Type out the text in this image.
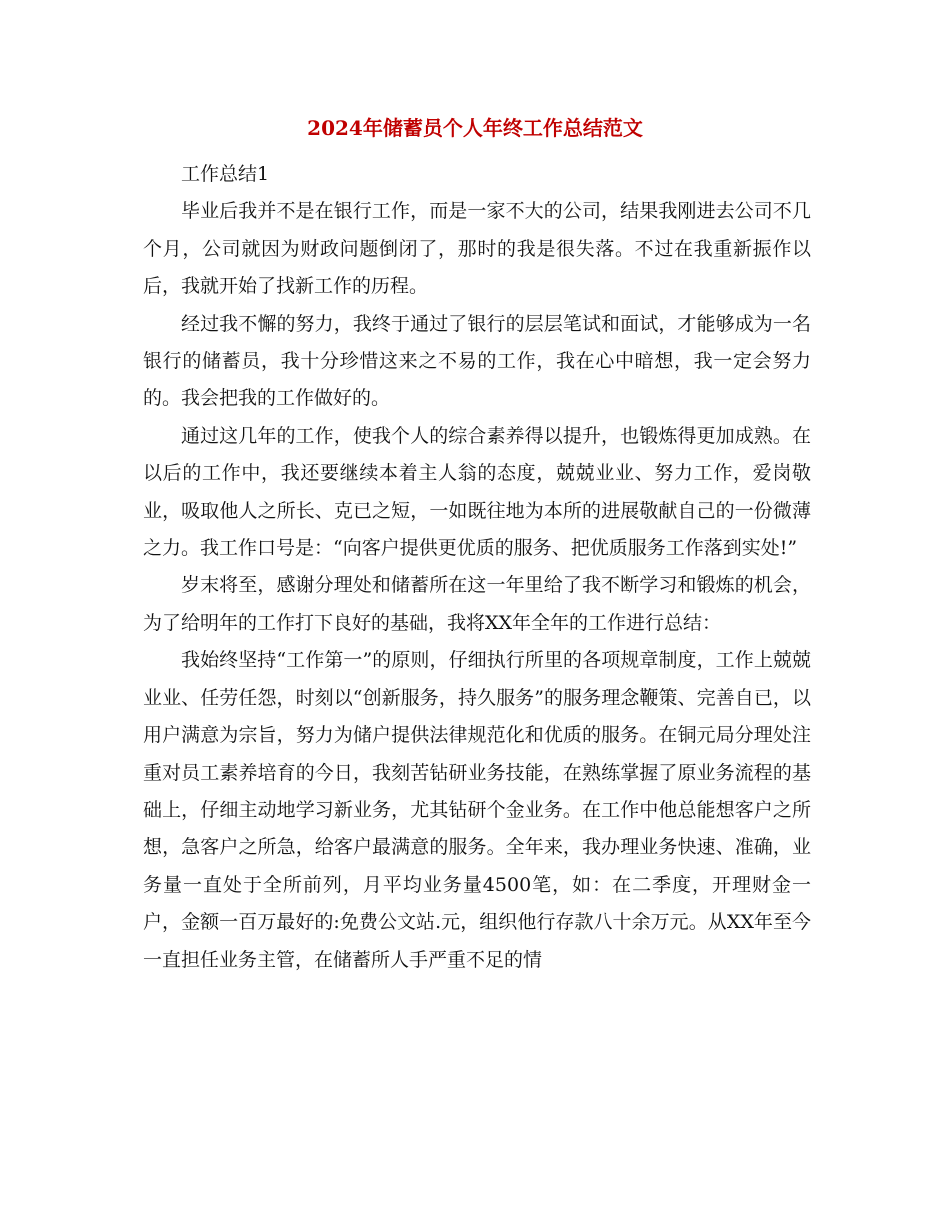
2024年储蓄员个人年终工作总结范文

工作总结1

毕业后我并不是在银行工作，而是一家不大的公司，结果我刚进去公司不几个月，公司就因为财政问题倒闭了，那时的我是很失落。不过在我重新振作以后，我就开始了找新工作的历程。

经过我不懈的努力，我终于通过了银行的层层笔试和面试，才能够成为一名银行的储蓄员，我十分珍惜这来之不易的工作，我在心中暗想，我一定会努力的。我会把我的工作做好的。

通过这几年的工作，使我个人的综合素养得以提升，也锻炼得更加成熟。在以后的工作中，我还要继续本着主人翁的态度，兢兢业业、努力工作，爱岗敬业，吸取他人之所长、克已之短，一如既往地为本所的进展敬献自己的一份微薄之力。我工作口号是：“向客户提供更优质的服务、把优质服务工作落到实处!”

岁末将至，感谢分理处和储蓄所在这一年里给了我不断学习和锻炼的机会，为了给明年的工作打下良好的基础，我将XX年全年的工作进行总结：

我始终坚持“工作第一”的原则，仔细执行所里的各项规章制度，工作上兢兢业业、任劳任怨，时刻以“创新服务，持久服务”的服务理念鞭策、完善自已，以用户满意为宗旨，努力为储户提供法律规范化和优质的服务。在铜元局分理处注重对员工素养培育的今日，我刻苦钻研业务技能，在熟练掌握了原业务流程的基础上，仔细主动地学习新业务，尤其钻研个金业务。在工作中他总能想客户之所想，急客户之所急，给客户最满意的服务。全年来，我办理业务快速、准确，业务量一直处于全所前列，月平均业务量4500笔，如：在二季度，开理财金一户，金额一百万最好的:免费公文站.元，组织他行存款八十余万元。从XX年至今一直担任业务主管，在储蓄所人手严重不足的情
